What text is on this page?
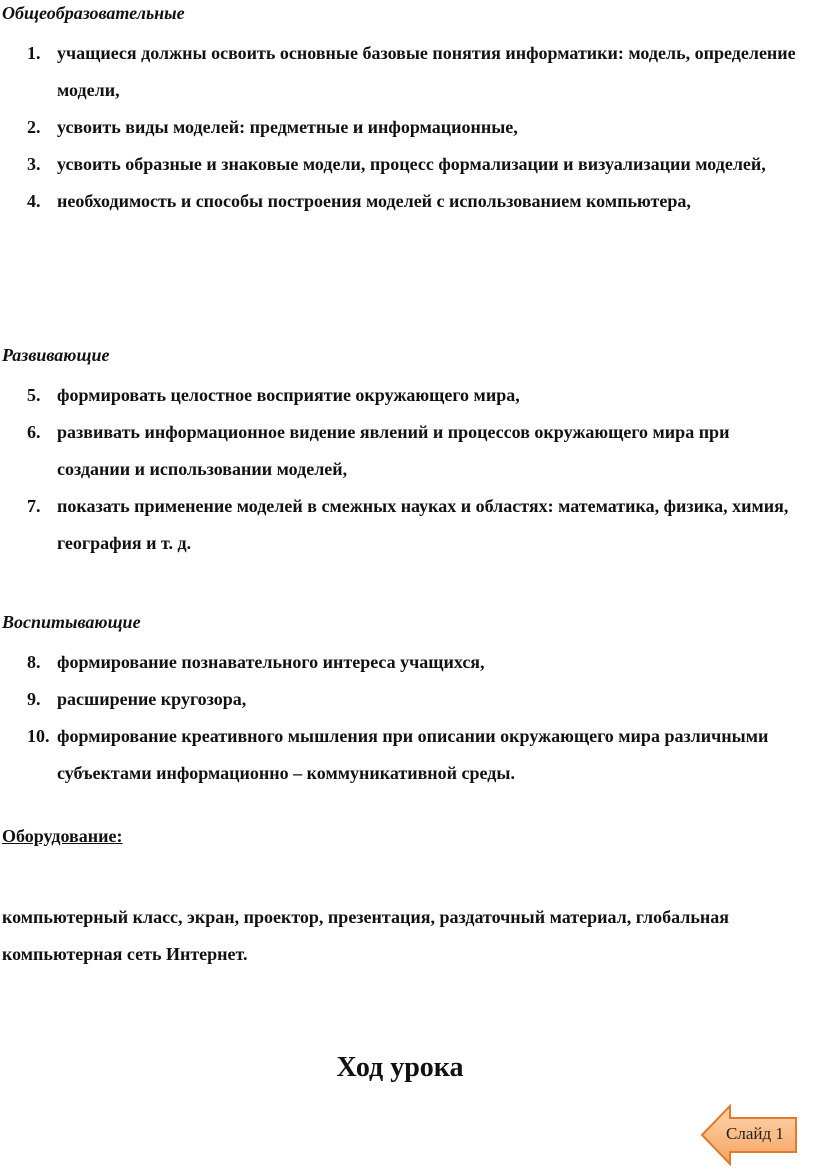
Общеобразовательные
1. учащиеся должны освоить основные базовые понятия информатики: модель, определение модели,
2. усвоить виды моделей: предметные и информационные,
3. усвоить образные и знаковые модели, процесс формализации и визуализации моделей,
4. необходимость и способы построения моделей с использованием компьютера,
Развивающие
5. формировать целостное восприятие окружающего мира,
6. развивать информационное видение явлений и процессов окружающего мира при создании и использовании моделей,
7. показать применение моделей в смежных науках и областях: математика, физика, химия, география и т. д.
Воспитывающие
8. формирование познавательного интереса учащихся,
9. расширение кругозора,
10. формирование креативного мышления при описании окружающего мира различными субъектами информационно – коммуникативной среды.
Оборудование:
компьютерный класс, экран, проектор, презентация, раздаточный материал, глобальная компьютерная сеть Интернет.
Ход урока
Слайд 1
